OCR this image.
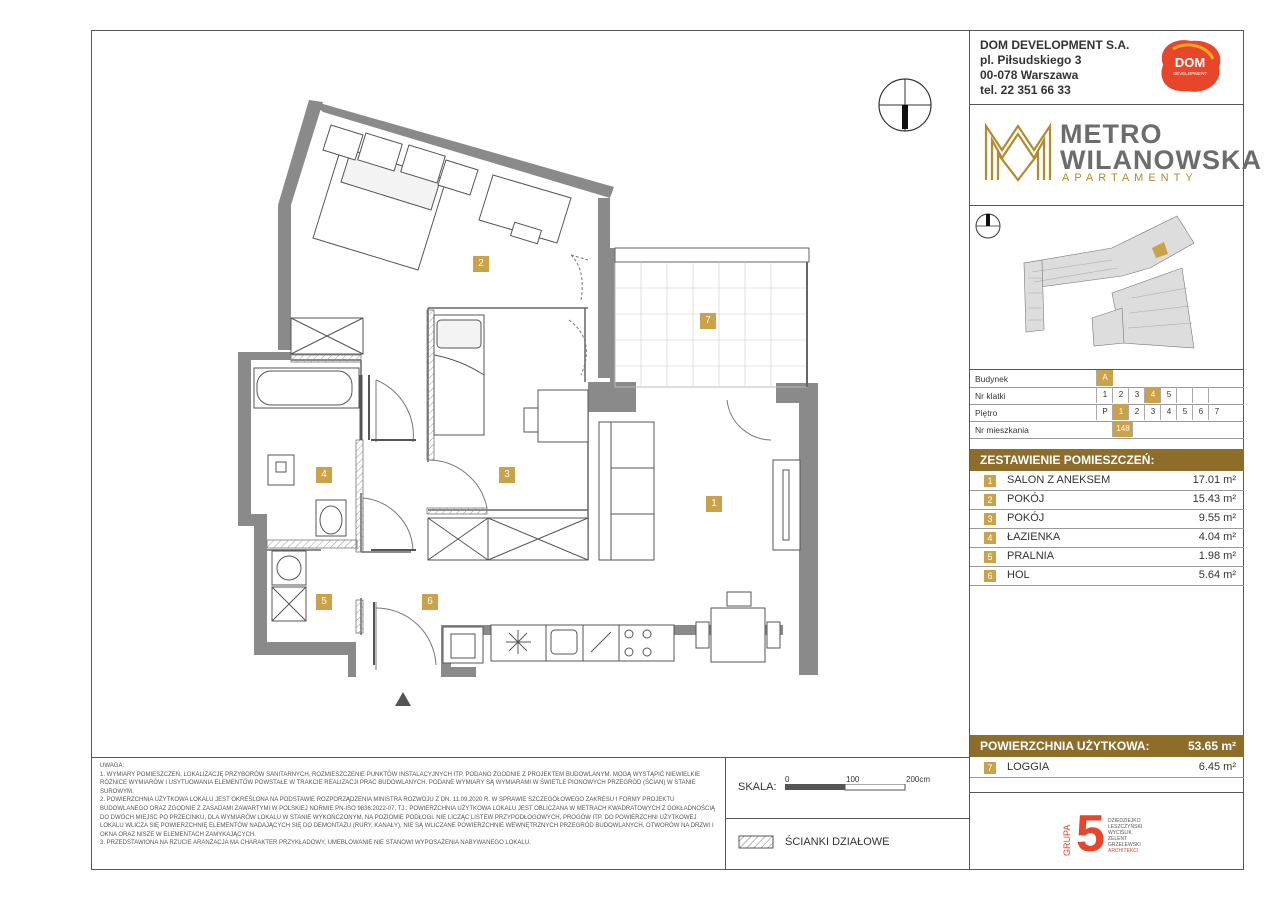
2
7
3
4
1
5	6
DOM DEVELOPMENT S.A.
pl. Piłsudskiego 3
00-078 Warszawa
tel. 22 351 66 33
DOM
DEVELOPMENT
METRO
WILANOWSKA
APARTAMENTY
Budynek	A
Nr klatki	1	2	3	4	5
Piętro	P	1	2	3	4	5	6	7
Nr mieszkania	148
ZESTAWIENIE POMIESZCZEŃ:
1	SALON Z ANEKSEM	17.01 m²
2	POKÓJ	15.43 m²
3	POKÓJ	9.55 m²
4	ŁAZIENKA	4.04 m²
5	PRALNIA	1.98 m²
6	HOL	5.64 m²
POWIERZCHNIA UŻYTKOWA:	53.65 m²
7	LOGGIA	6.45 m²
UWAGA:
1. WYMIARY POMIESZCZEŃ, LOKALIZACJĘ PRZYBORÓW SANITARNYCH, ROZMIESZCZENIE PUNKTÓW INSTALACYJNYCH ITP. PODANO ZGODNIE Z PROJEKTEM BUDOWLANYM. MOGĄ WYSTĄPIĆ NIEWIELKIE RÓŻNICE WYMIARÓW I USYTUOWANIA ELEMENTÓW POWSTAŁE W TRAKCIE REALIZACJI PRAC BUDOWLANYCH. PODANE WYMIARY SĄ WYMIARAMI W ŚWIETLE PIONOWYCH PRZEGRÓD (ŚCIAN) W STANIE SUROWYM.
2. POWIERZCHNIA UŻYTKOWA LOKALU JEST OKREŚLONA NA PODSTAWIE ROZPORZĄDZENIA MINISTRA ROZWOJU Z DN. 11.09.2020 R. W SPRAWIE SZCZEGÓŁOWEGO ZAKRESU I FORMY PROJEKTU BUDOWLANEGO ORAZ ZGODNIE Z ZASADAMI ZAWARTYMI W POLSKIEJ NORMIE PN-ISO 9836:2022-07, TJ.: POWIERZCHNIA UŻYTKOWA LOKALU JEST OBLICZANA W METRACH KWADRATOWYCH Z DOKŁADNOŚCIĄ DO DWÓCH MIEJSC PO PRZECINKU, DLA WYMIARÓW LOKALU W STANIE WYKOŃCZONYM, NA POZIOMIE PODŁOGI. NIE LICZĄC LISTEW PRZYPODŁOGOWYCH, PROGÓW ITP. DO POWIERZCHNI UŻYTKOWEJ LOKALU WLICZA SIĘ POWIERZCHNIĘ ELEMENTÓW NADAJĄCYCH SIĘ DO DEMONTAŻU (RURY, KANAŁY), NIE SĄ WLICZANE POWIERZCHNIE WEWNĘTRZNYCH PRZEGRÓD BUDOWLANYCH, OTWORÓW NA DRZWI I OKNA ORAZ NISZE W ELEMENTACH ZAMYKAJĄCYCH.
3. PRZEDSTAWIONA NA RZUCIE ARANŻACJA MA CHARAKTER PRZYKŁADOWY, UMEBLOWANIE NIE STANOWI WYPOSAŻENIA NABYWANEGO LOKALU.
SKALA:
0	100	200cm
ŚCIANKI DZIAŁOWE	GRUPA 5 DZIEDZIEJKO
LESZCZYŃSKI
WYCIŚLIK
ZELENT
GRZELEWSKI
ARCHITEKCI
